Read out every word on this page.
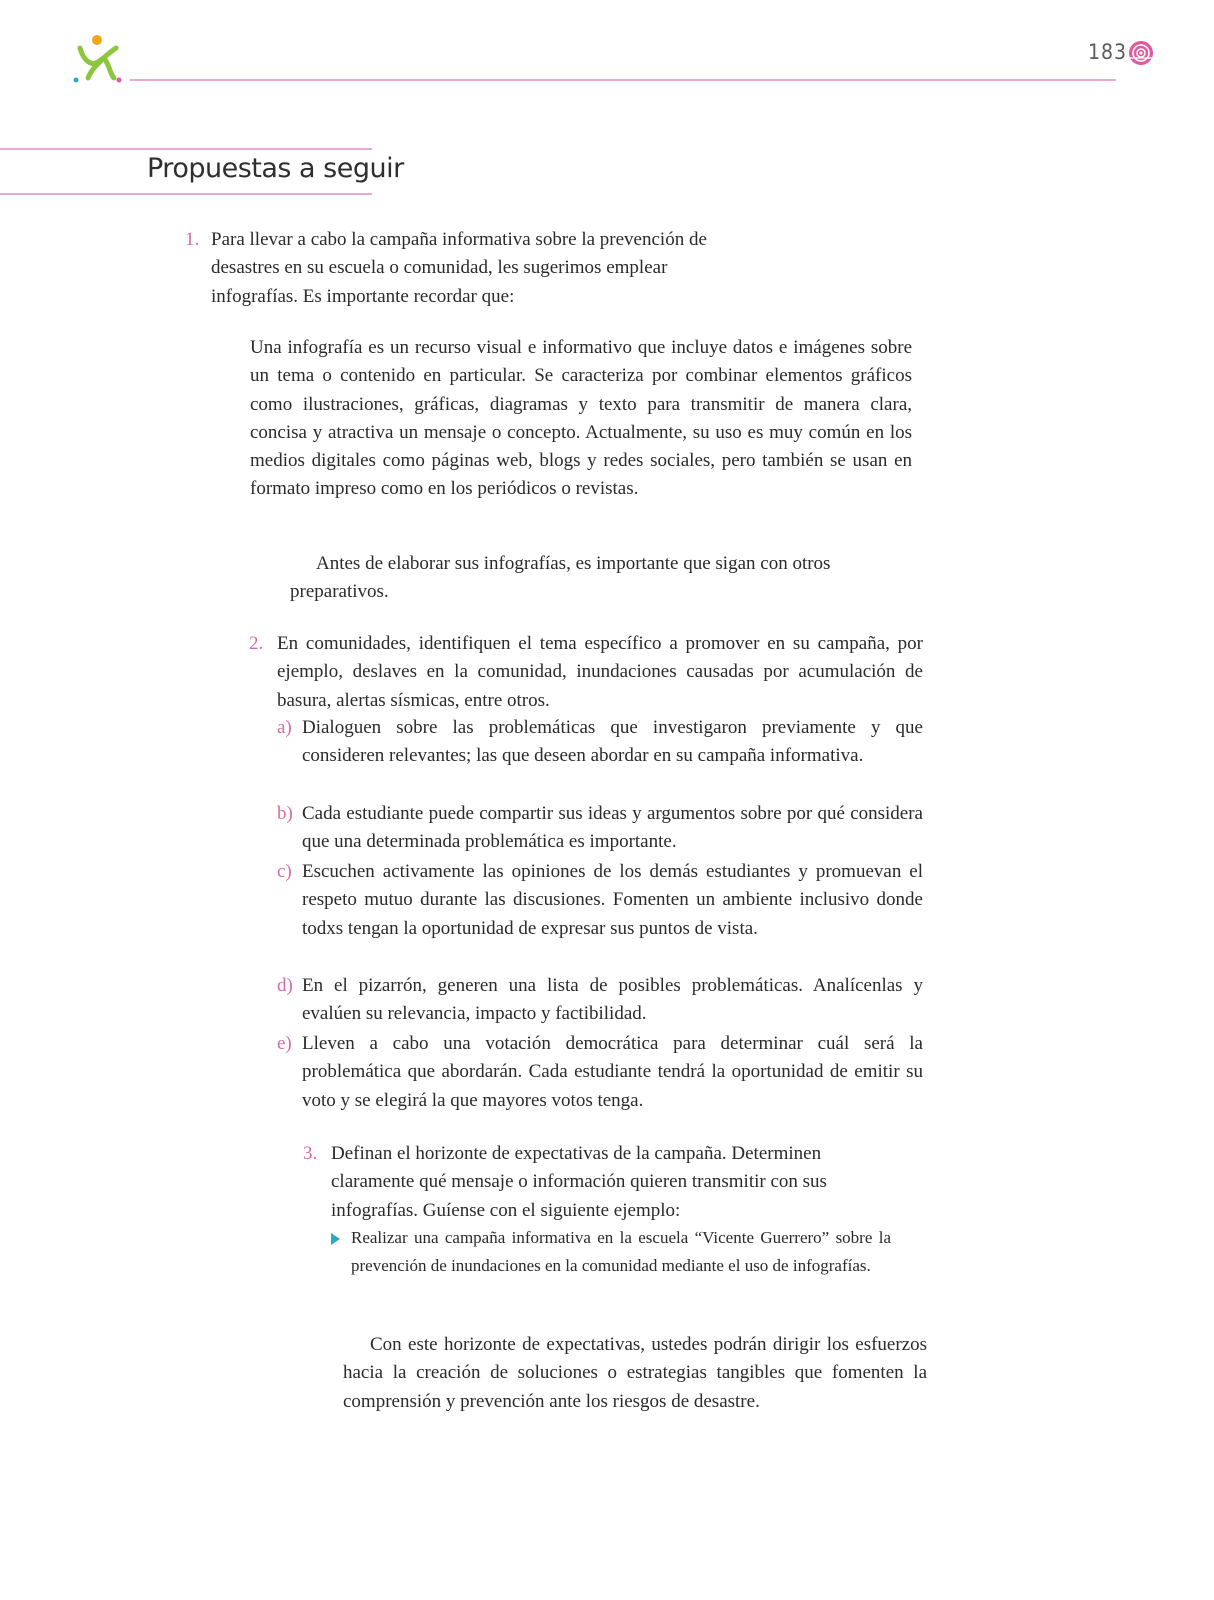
183
Propuestas a seguir
1. Para llevar a cabo la campaña informativa sobre la prevención de desastres en su escuela o comunidad, les sugerimos emplear infografías. Es importante recordar que:

Una infografía es un recurso visual e informativo que incluye datos e imágenes sobre un tema o contenido en particular. Se caracteriza por combinar elementos gráficos como ilustraciones, gráficas, diagramas y texto para transmitir de manera clara, concisa y atractiva un mensaje o concepto. Actualmente, su uso es muy común en los medios digitales como páginas web, blogs y redes sociales, pero también se usan en formato impreso como en los periódicos o revistas.

Antes de elaborar sus infografías, es importante que sigan con otros preparativos.

2. En comunidades, identifiquen el tema específico a promover en su campaña, por ejemplo, deslaves en la comunidad, inundaciones causadas por acumulación de basura, alertas sísmicas, entre otros.

a) Dialoguen sobre las problemáticas que investigaron previamente y que consideren relevantes; las que deseen abordar en su campaña informativa.
b) Cada estudiante puede compartir sus ideas y argumentos sobre por qué considera que una determinada problemática es importante.
c) Escuchen activamente las opiniones de los demás estudiantes y promuevan el respeto mutuo durante las discusiones. Fomenten un ambiente inclusivo donde todxs tengan la oportunidad de expresar sus puntos de vista.
d) En el pizarrón, generen una lista de posibles problemáticas. Analícenlas y evalúen su relevancia, impacto y factibilidad.
e) Lleven a cabo una votación democrática para determinar cuál será la problemática que abordarán. Cada estudiante tendrá la oportunidad de emitir su voto y se elegirá la que mayores votos tenga.
3. Definan el horizonte de expectativas de la campaña. Determinen claramente qué mensaje o información quieren transmitir con sus infografías. Guíense con el siguiente ejemplo:

Realizar una campaña informativa en la escuela “Vicente Guerrero” sobre la prevención de inundaciones en la comunidad mediante el uso de infografías.

Con este horizonte de expectativas, ustedes podrán dirigir los esfuerzos hacia la creación de soluciones o estrategias tangibles que fomenten la comprensión y prevención ante los riesgos de desastre.
